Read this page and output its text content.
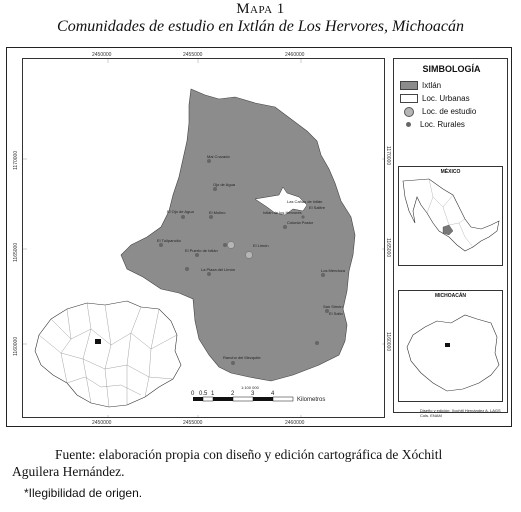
Mapa 1
Comunidades de estudio en Ixtlán de Los Hervores, Michoacán
Mal Cruzado
Ojo de Agua
El Ojo de Agua
El Salitre
El Molino
Las Cañas de Ixtlán
El Tulipancito
Colonia Pastor
El Puerto de Ixtlán
El Limón
Ixtlán de los Hervores
La Plaza del Limón	Los Mendoza
San Simón
El Salto
Rancho del Mezquite
0 0.5 1	2	3	4
Kilometros
1:100 000
2450000	2455000	2460000
2450000	2455000	2460000
1170000
1165000
1160000
1170000
1165000
1160000
SIMBOLOGÍA
Ixtlán
Loc. Urbanas
Loc. de estudio
Loc. Rurales
MÉXICO
MICHOACÁN
Diseño y edición: Xochitl Hernández A. LAGS Cols. ENAM
Fuente: elaboración propia con diseño y edición cartográfica de Xóchitl
Aguilera Hernández.
*Ilegibilidad de origen.
